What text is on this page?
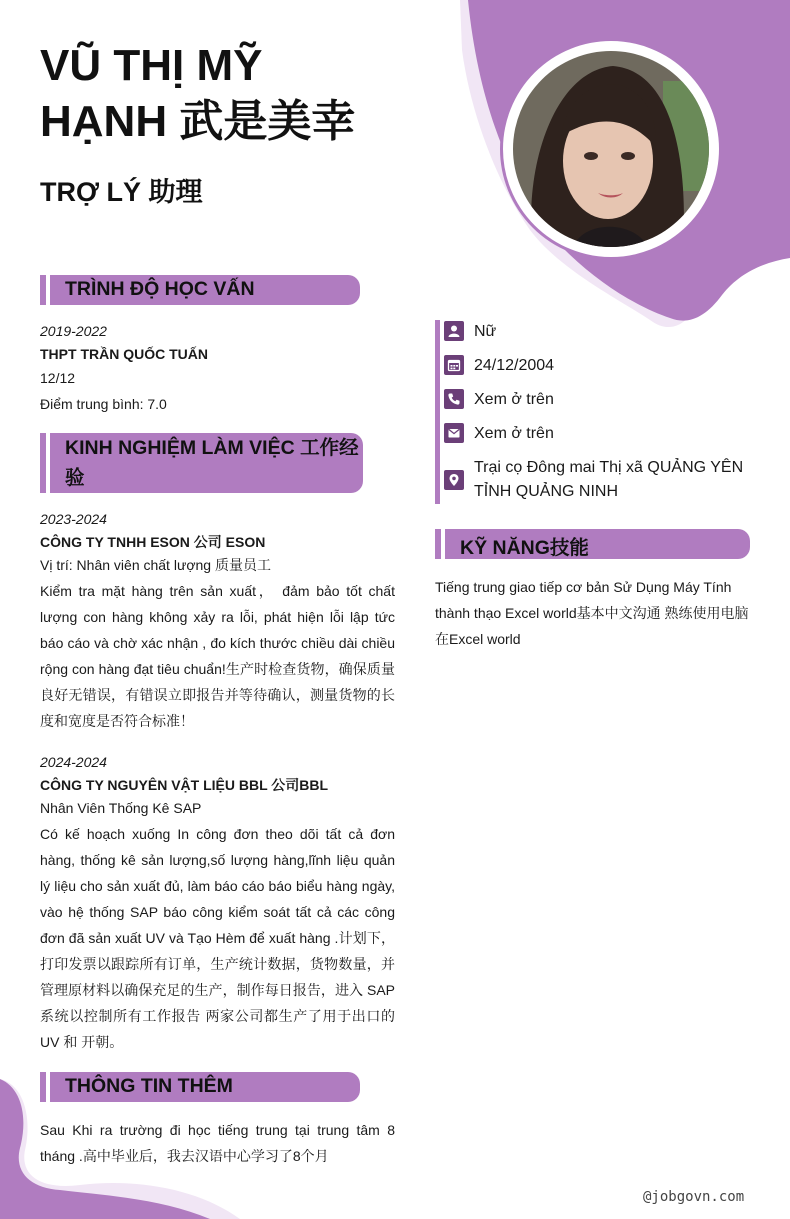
VŨ THỊ MỸ
HẠNH 武是美幸
TRỢ LÝ 助理
TRÌNH ĐỘ HỌC VẤN
2019-2022
THPT TRẦN QUỐC TUẤN
12/12
Điểm trung bình: 7.0
KINH NGHIỆM LÀM VIỆC 工作经
验
2023-2024
CÔNG TY TNHH ESON 公司 ESON
Vị trí: Nhân viên chất lượng 质量员工
Kiểm tra mặt hàng trên sản xuất， đảm bảo tốt chất lượng con hàng không xảy ra lỗi, phát hiện lỗi lập tức báo cáo và chờ xác nhận , đo kích thước chiều dài chiều rộng con hàng đạt tiêu chuẩn!生产时检查货物，确保质量良好无错误，有错误立即报告并等待确认，测量货物的长度和宽度是否符合标准！
2024-2024
CÔNG TY NGUYÊN VẬT LIỆU BBL 公司BBL
Nhân Viên Thống Kê SAP
Có kế hoạch xuống In công đơn theo dõi tất cả đơn hàng, thống kê sản lượng,số lượng hàng,lĩnh liệu quản lý liệu cho sản xuất đủ, làm báo cáo báo biểu hàng ngày, vào hệ thống SAP báo công kiểm soát tất cả các công đơn đã sản xuất UV và Tạo Hèm để xuất hàng .计划下，打印发票以跟踪所有订单，生产统计数据，货物数量，并管理原材料以确保充足的生产，制作每日报告，进入 SAP 系统以控制所有工作报告 两家公司都生产了用于出口的 UV 和 开朝。
THÔNG TIN THÊM
Sau Khi ra trường đi học tiếng trung tại trung tâm 8 tháng .高中毕业后，我去汉语中心学习了8个月
Nữ
24/12/2004
Xem ở trên
Xem ở trên
Trại cọ Đông mai Thị xã QUẢNG YÊN TỈNH QUẢNG NINH
KỸ NĂNG技能
Tiếng trung giao tiếp cơ bản Sử Dụng Máy Tính thành thạo Excel world基本中文沟通 熟练使用电脑在Excel world
@jobgovn.com
